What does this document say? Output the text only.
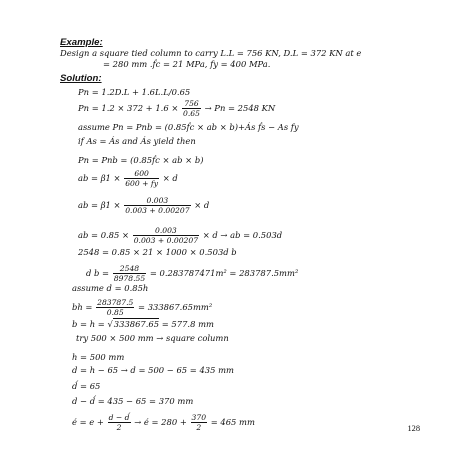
Example:
Design a square tied column to carry L.L = 756 KN, D.L = 372 KN at e
= 280 mm .f́c = 21 MPa, fy = 400 MPa.
Solution:
Pn = 1.2D.L + 1.6L.L/0.65
$Pn = 1.2 \times 372 + 1.6 \times \frac{756}{0.65} \to Pn = 2548$ KN
assume Pn = Pnb = (0.85f́c × ab × b)+Ás f́s − As fy
if As = Ás and Ás yield then
Pn = Pnb = (0.85f́c × ab × b)
ab = $\beta 1 \times \frac{600}{600 + fy} \times d$
ab = $\beta 1 \times \frac{0.003}{0.003 + 0.00207} \times d$
ab = $0.85 \times \frac{0.003}{0.003 + 0.00207} \times d$ → ab = 0.503d
2548 = 0.85 × 21 × 1000 × 0.503d b
d $b = \frac{2548}{8978.55} = 0.283787471m^2 = 283787.5mm^2$
assume d = 0.85h
bh = $\frac{283787.5}{0.85} = 333867.65mm^2$
b = h = √333867.65 = 577.8 mm
try 500 × 500 mm → square column
h = 500 mm
d = h − 65 → d = 500 − 65 = 435 mm
d́ = 65
d − d́ = 435 − 65 = 370 mm
é = $e + \frac{d - d́}{2}$ → é = $280 + \frac{370}{2} = 465$ mm
128
